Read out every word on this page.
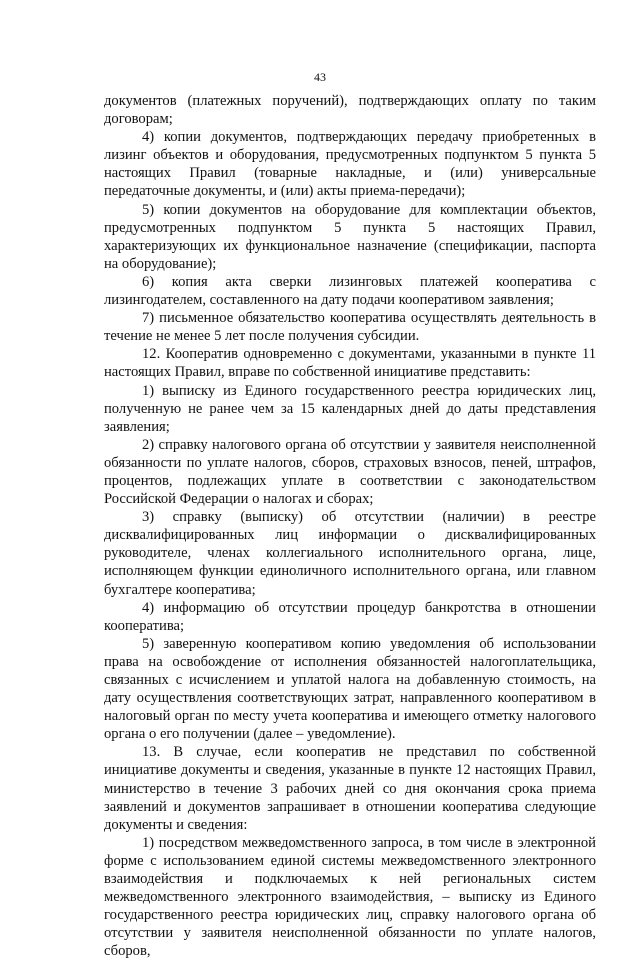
43

документов (платежных поручений), подтверждающих оплату по таким договорам;

4) копии документов, подтверждающих передачу приобретенных в лизинг объектов и оборудования, предусмотренных подпунктом 5 пункта 5 настоящих Правил (товарные накладные, и (или) универсальные передаточные документы, и (или) акты приема-передачи);

5) копии документов на оборудование для комплектации объектов, предусмотренных подпунктом 5 пункта 5 настоящих Правил, характеризующих их функциональное назначение (спецификации, паспорта на оборудование);

6) копия акта сверки лизинговых платежей кооператива с лизингодателем, составленного на дату подачи кооперативом заявления;

7) письменное обязательство кооператива осуществлять деятельность в течение не менее 5 лет после получения субсидии.

12. Кооператив одновременно с документами, указанными в пункте 11 настоящих Правил, вправе по собственной инициативе представить:

1) выписку из Единого государственного реестра юридических лиц, полученную не ранее чем за 15 календарных дней до даты представления заявления;

2) справку налогового органа об отсутствии у заявителя неисполненной обязанности по уплате налогов, сборов, страховых взносов, пеней, штрафов, процентов, подлежащих уплате в соответствии с законодательством Российской Федерации о налогах и сборах;

3) справку (выписку) об отсутствии (наличии) в реестре дисквалифицированных лиц информации о дисквалифицированных руководителе, членах коллегиального исполнительного органа, лице, исполняющем функции единоличного исполнительного органа, или главном бухгалтере кооператива;

4) информацию об отсутствии процедур банкротства в отношении кооператива;

5) заверенную кооперативом копию уведомления об использовании права на освобождение от исполнения обязанностей налогоплательщика, связанных с исчислением и уплатой налога на добавленную стоимость, на дату осуществления соответствующих затрат, направленного кооперативом в налоговый орган по месту учета кооператива и имеющего отметку налогового органа о его получении (далее – уведомление).

13. В случае, если кооператив не представил по собственной инициативе документы и сведения, указанные в пункте 12 настоящих Правил, министерство в течение 3 рабочих дней со дня окончания срока приема заявлений и документов запрашивает в отношении кооператива следующие документы и сведения:

1) посредством межведомственного запроса, в том числе в электронной форме с использованием единой системы межведомственного электронного взаимодействия и подключаемых к ней региональных систем межведомственного электронного взаимодействия, – выписку из Единого государственного реестра юридических лиц, справку налогового органа об отсутствии у заявителя неисполненной обязанности по уплате налогов, сборов,
